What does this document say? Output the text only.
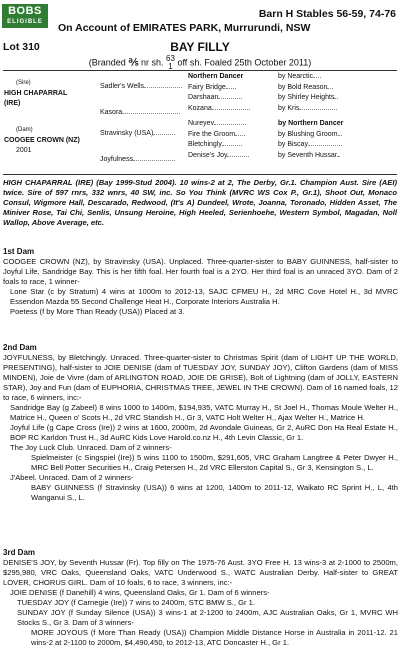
BOBS
ELIGIBLE
Barn H Stables 56-59, 74-76
On Account of EMIRATES PARK, Murrurundi, NSW
Lot 310	BAY FILLY
(Branded ℁ nr sh. 63
1 off sh. Foaled 25th October 2011)
(Sire)
HIGH CHAPARRAL
(IRE)
Sadler's Wells
Kasora
(Dam)
COOGEE CROWN (NZ)
2001
Stravinsky (USA)
Joyfulness
Northern Dancer	by Nearctic
Fairy Bridge	by Bold Reason
Darshaan	by Shirley Heights
Kozana	by Kris
Nureyev	by Northern Dancer
Fire the Groom	by Blushing Groom
Bletchingly	by Biscay
Denise's Joy	by Seventh Hussar
HIGH CHAPARRAL (IRE) (Bay 1999-Stud 2004). 10 wins-2 at 2, The Derby, Gr.1. Champion Aust. Sire (AEI) twice. Sire of 597 rnrs, 332 wnrs, 40 SW, inc. So You Think (MVRC WS Cox P., Gr.1), Shoot Out, Monaco Consul, Wigmore Hall, Descarado, Redwood, (It's A) Dundeel, Wrote, Joanna, Toronado, Hidden Asset, The Miniver Rose, Tai Chi, Senlis, Unsung Heroine, High Heeled, Serienhoehe, Western Symbol, Magadan, Noll Wallop, Above Average, etc.
1st Dam

COOGEE CROWN (NZ), by Stravinsky (USA). Unplaced. Three-quarter-sister to BABY GUINNESS, half-sister to Joyful Life, Sandridge Bay. This is her fifth foal. Her fourth foal is a 2YO. Her third foal is an unraced 3YO. Dam of 2 foals to race, 1 winner-

Lone Star (c by Stratum) 4 wins at 1000m to 2012-13, SAJC CFMEU H., 2d MRC Cove Hotel H., 3d MVRC Essendon Mazda 55 Second Challenge Heat H., Corporate Interiors Australia H.

Poetess (f by More Than Ready (USA)) Placed at 3.

2nd Dam

JOYFULNESS, by Bletchingly. Unraced. Three-quarter-sister to Christmas Spirit (dam of LIGHT UP THE WORLD, PRESENTING), half-sister to JOIE DENISE (dam of TUESDAY JOY, SUNDAY JOY), Clifton Gardens (dam of MISS MINDEN), Joie de Vivre (dam of ARLINGTON ROAD, JOIE DE GRISE), Bolt of Lightning (dam of JOLLY, EASTERN STAR), Joy and Fun (dam of EUPHORIA, CHRISTMAS TREE, JEWEL IN THE CROWN). Dam of 16 named foals, 12 to race, 6 winners, inc:-

Sandridge Bay (g Zabeel) 8 wins 1000 to 1400m, $194,935, VATC Murray H., St Joel H., Thomas Moule Welter H., Matrice H., Queen o' Scots H., 2d VRC Standish H., Gr 3, VATC Holt Welter H., Ajax Welter H., Matrice H.

Joyful Life (g Cape Cross (Ire)) 2 wins at 1600, 2000m, 2d Avondale Guineas, Gr 2, AuRC Don Ha Real Estate H., BOP RC Karldon Trust H., 3d AuRC Kids Love Harold.co.nz H., 4th Levin Classic, Gr 1.

The Joy Luck Club. Unraced. Dam of 2 winners-

Spielmeister (c Singspiel (Ire)) 5 wins 1100 to 1500m, $291,605, VRC Graham Langtree & Peter Dwyer H., MRC Bell Potter Securities H., Craig Petersen H., 2d VRC Ellerston Capital S., Gr 3, Kensington S., L.

J'Abeel. Unraced. Dam of 2 winners-

BABY GUINNESS (f Stravinsky (USA)) 6 wins at 1200, 1400m to 2011-12, Waikato RC Sprint H., L, 4th Wanganui S., L.

3rd Dam

DENISE'S JOY, by Seventh Hussar (Fr). Top filly on The 1975-76 Aust. 3YO Free H. 13 wins-3 at 2-1000 to 2500m, $295,980, VRC Oaks, Queensland Oaks, VATC Underwood S., WATC Australian Derby. Half-sister to GREAT LOVER, CHORUS GIRL. Dam of 10 foals, 6 to race, 3 winners, inc:-

JOIE DENISE (f Danehill) 4 wins, Queensland Oaks, Gr 1. Dam of 6 winners-

TUESDAY JOY (f Carnegie (Ire)) 7 wins to 2400m, STC BMW S., Gr 1.

SUNDAY JOY (f Sunday Silence (USA)) 3 wins-1 at 2-1200 to 2400m, AJC Australian Oaks, Gr 1, MVRC WH Stocks S., Gr 3. Dam of 3 winners-

MORE JOYOUS (f More Than Ready (USA)) Champion Middle Distance Horse in Australia in 2011-12. 21 wins-2 at 2-1100 to 2000m, $4,490,450, to 2012-13, ATC Doncaster H., Gr 1.
